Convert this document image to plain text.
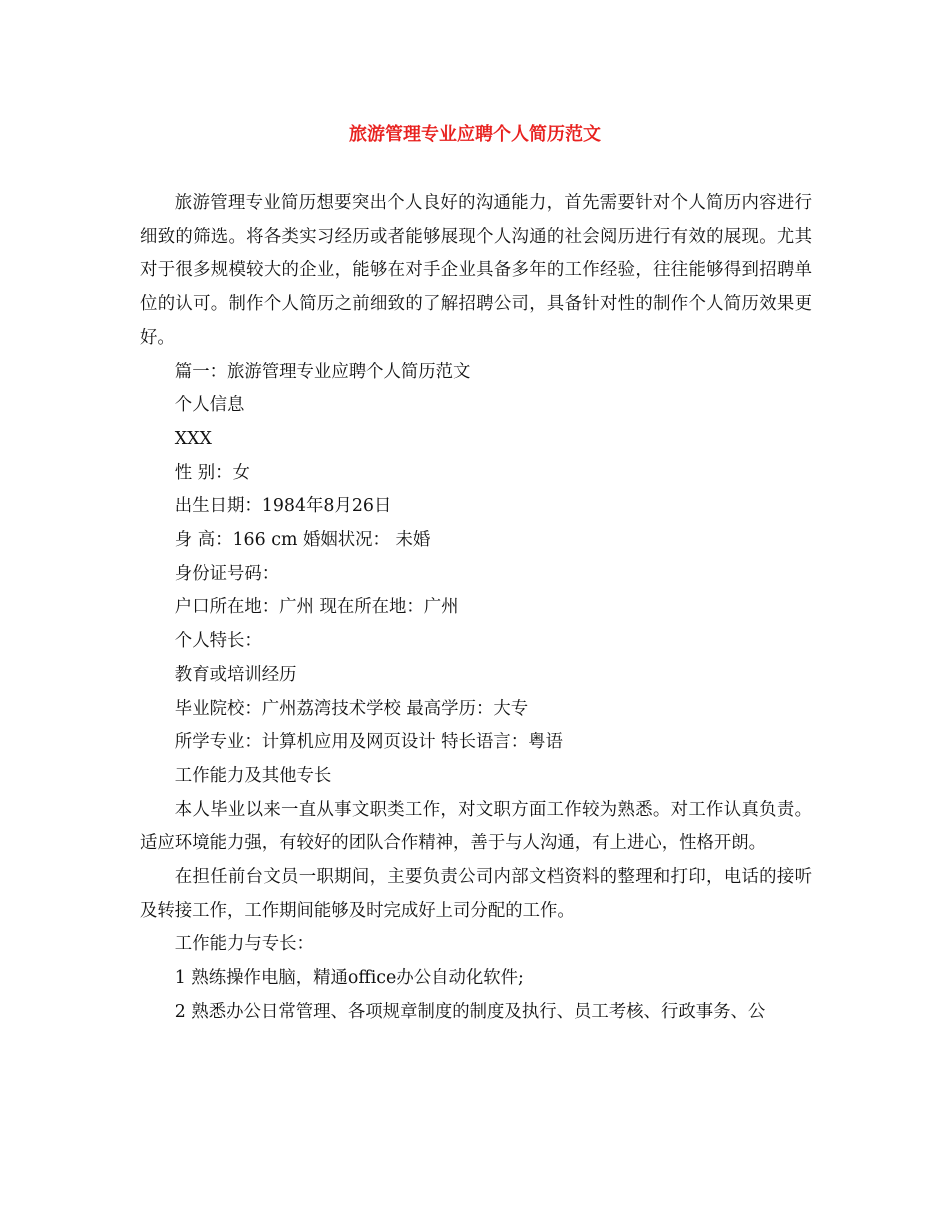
旅游管理专业应聘个人简历范文

旅游管理专业简历想要突出个人良好的沟通能力，首先需要针对个人简历内容进行细致的筛选。将各类实习经历或者能够展现个人沟通的社会阅历进行有效的展现。尤其对于很多规模较大的企业，能够在对手企业具备多年的工作经验，往往能够得到招聘单位的认可。制作个人简历之前细致的了解招聘公司，具备针对性的制作个人简历效果更好。

篇一：旅游管理专业应聘个人简历范文

个人信息

XXX

性 别：女

出生日期：1984年8月26日

身 高：166 cm 婚姻状况： 未婚

身份证号码：

户口所在地：广州 现在所在地：广州

个人特长：

教育或培训经历

毕业院校：广州荔湾技术学校 最高学历：大专

所学专业：计算机应用及网页设计 特长语言：粤语

工作能力及其他专长

本人毕业以来一直从事文职类工作，对文职方面工作较为熟悉。对工作认真负责。适应环境能力强，有较好的团队合作精神，善于与人沟通，有上进心，性格开朗。

在担任前台文员一职期间，主要负责公司内部文档资料的整理和打印，电话的接听及转接工作，工作期间能够及时完成好上司分配的工作。

工作能力与专长：

1 熟练操作电脑，精通office办公自动化软件;

2 熟悉办公日常管理、各项规章制度的制度及执行、员工考核、行政事务、公
